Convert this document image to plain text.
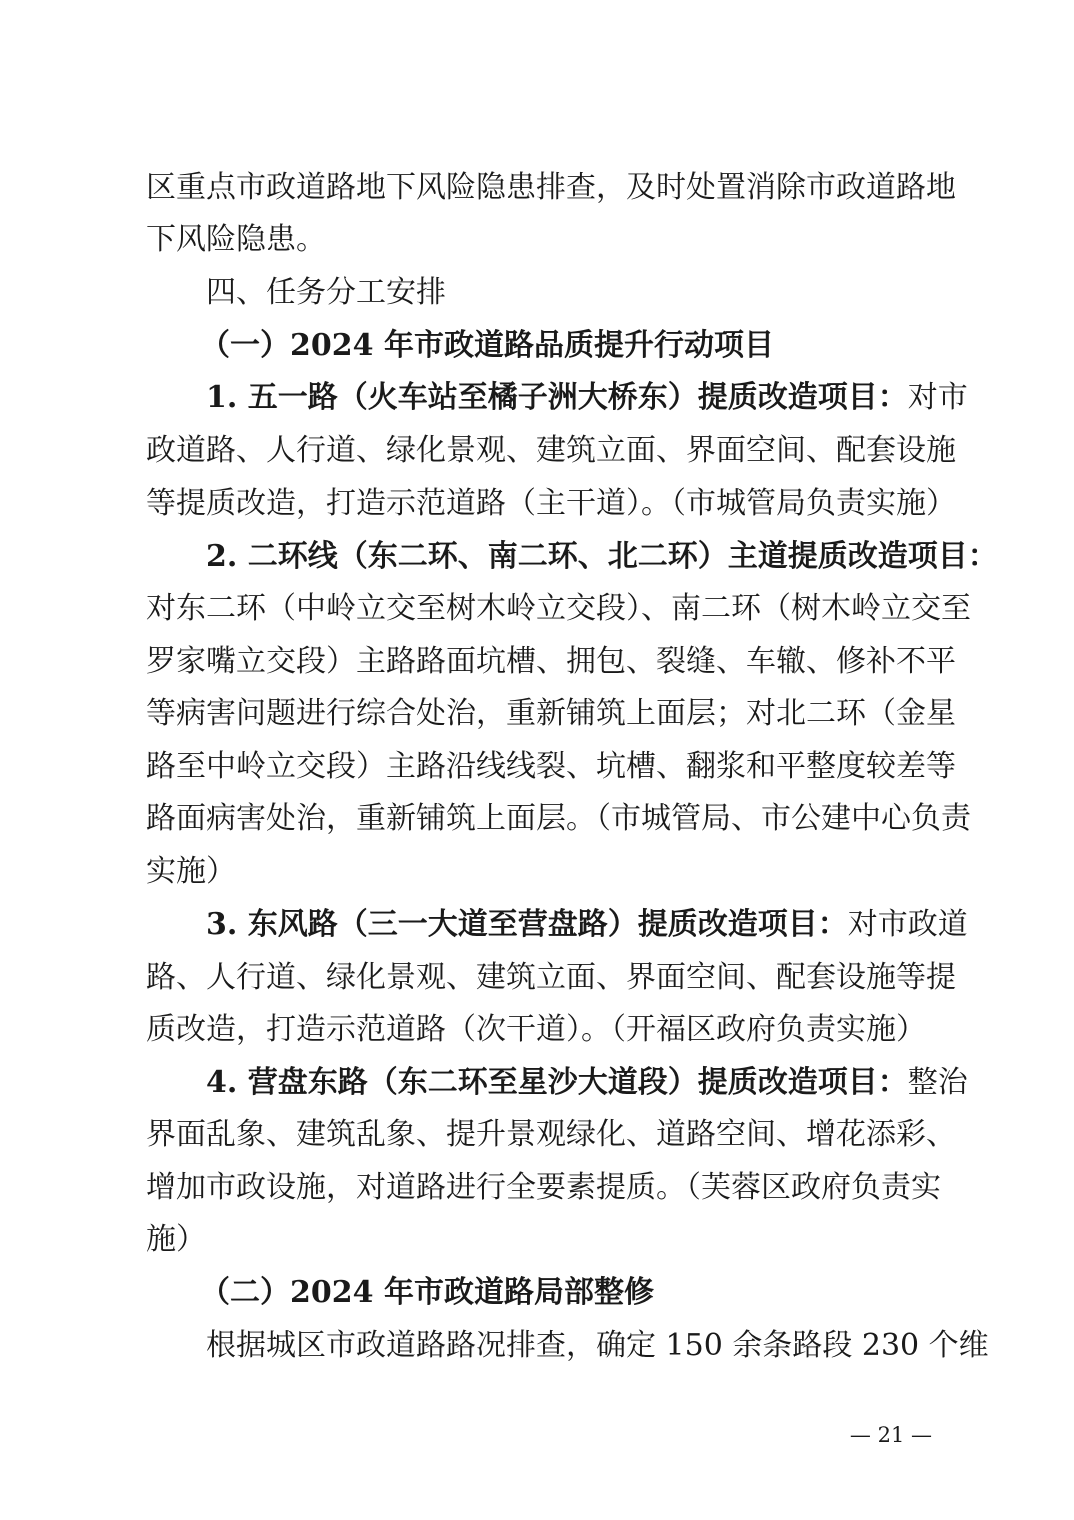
区重点市政道路地下风险隐患排查，及时处置消除市政道路地
下风险隐患。
四、任务分工安排
（一）2024 年市政道路品质提升行动项目
1. 五一路（火车站至橘子洲大桥东）提质改造项目：对市
政道路、人行道、绿化景观、建筑立面、界面空间、配套设施
等提质改造，打造示范道路（主干道）。（市城管局负责实施）
2. 二环线（东二环、南二环、北二环）主道提质改造项目：
对东二环（中岭立交至树木岭立交段）、南二环（树木岭立交至
罗家嘴立交段）主路路面坑槽、拥包、裂缝、车辙、修补不平
等病害问题进行综合处治，重新铺筑上面层；对北二环（金星
路至中岭立交段）主路沿线线裂、坑槽、翻浆和平整度较差等
路面病害处治，重新铺筑上面层。（市城管局、市公建中心负责
实施）
3. 东风路（三一大道至营盘路）提质改造项目：对市政道
路、人行道、绿化景观、建筑立面、界面空间、配套设施等提
质改造，打造示范道路（次干道）。（开福区政府负责实施）
4. 营盘东路（东二环至星沙大道段）提质改造项目：整治
界面乱象、建筑乱象、提升景观绿化、道路空间、增花添彩、
增加市政设施，对道路进行全要素提质。（芙蓉区政府负责实
施）
（二）2024 年市政道路局部整修
根据城区市政道路路况排查，确定 150 余条路段 230 个维
— 21 —
